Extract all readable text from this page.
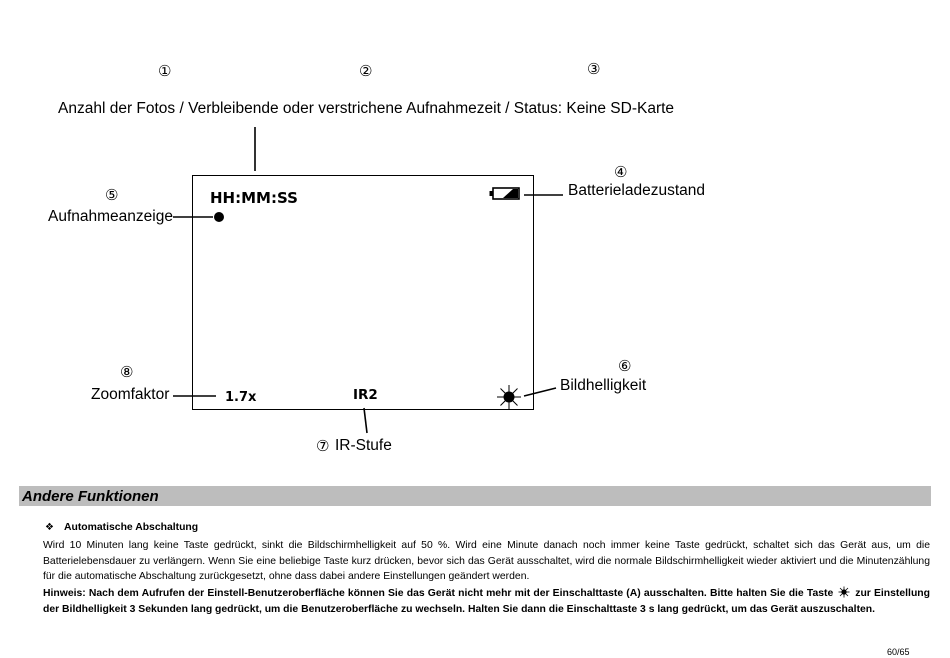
①	②	③
④
⑤
⑥
⑧
⑦
Anzahl der Fotos / Verbleibende oder verstrichene Aufnahmezeit / Status: Keine SD-Karte
Batterieladezustand
Aufnahmeanzeige
Bildhelligkeit
Zoomfaktor
IR-Stufe
HH:MM:SS
1.7x	IR2
Andere Funktionen
❖ Automatische Abschaltung

Wird 10 Minuten lang keine Taste gedrückt, sinkt die Bildschirmhelligkeit auf 50 %. Wird eine Minute danach noch immer keine Taste gedrückt, schaltet sich das Gerät aus, um die Batterielebensdauer zu verlängern. Wenn Sie eine beliebige Taste kurz drücken, bevor sich das Gerät ausschaltet, wird die normale Bildschirmhelligkeit wieder aktiviert und die Minutenzählung für die automatische Abschaltung zurückgesetzt, ohne dass dabei andere Einstellungen geändert werden.

Hinweis: Nach dem Aufrufen der Einstell-Benutzeroberfläche können Sie das Gerät nicht mehr mit der Einschalttaste (A) ausschalten. Bitte halten Sie die Taste zur Einstellung der Bildhelligkeit 3 Sekunden lang gedrückt, um die Benutzeroberfläche zu wechseln. Halten Sie dann die Einschalttaste 3 s lang gedrückt, um das Gerät auszuschalten.

60/65
